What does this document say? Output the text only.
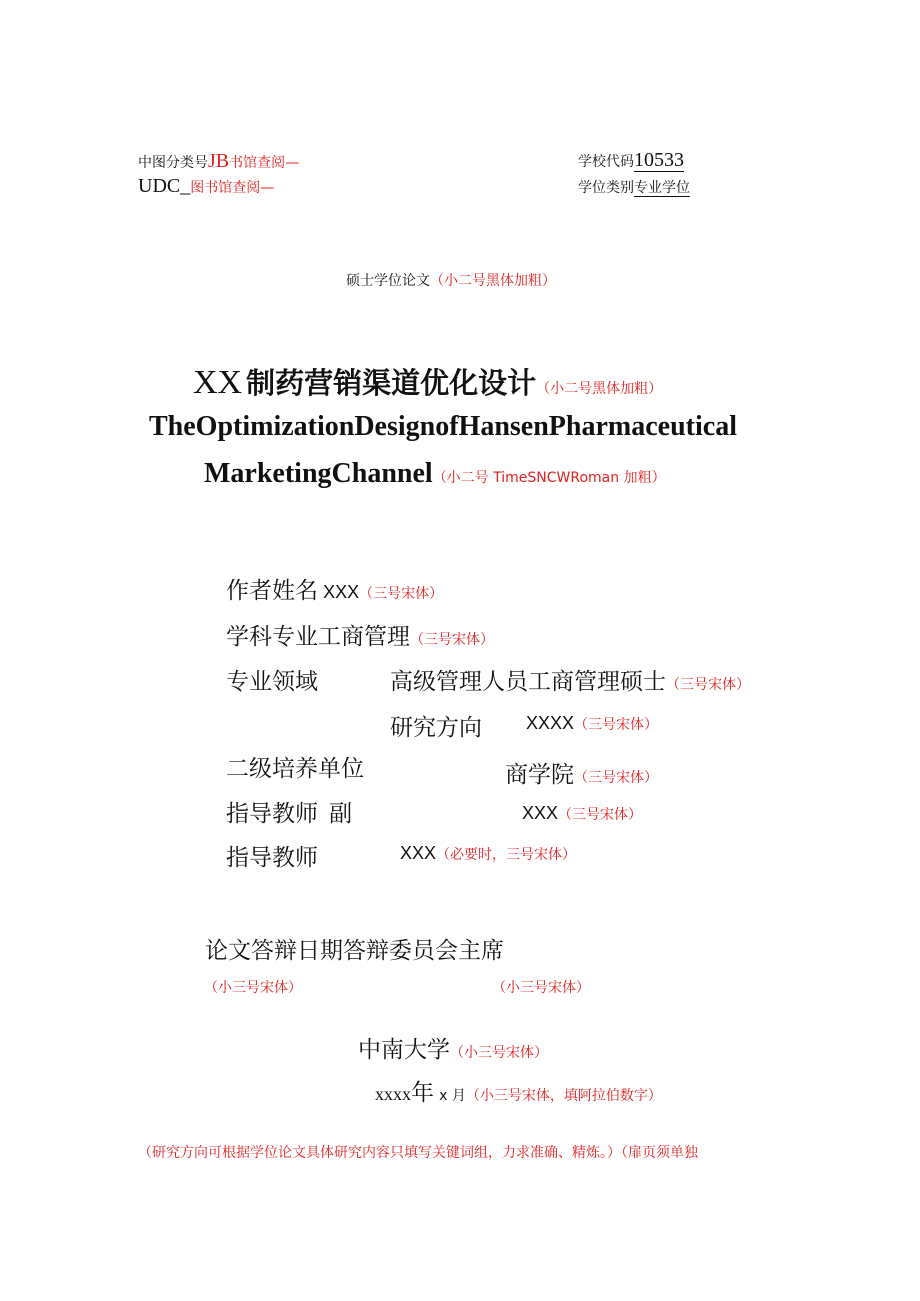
中图分类号JB书馆查阅—
UDC_图书馆查阅—
学校代码10533
学位类别专业学位
硕士学位论文（小二号黑体加粗）
XX 制药营销渠道优化设计（小二号黑体加粗）
TheOptimizationDesignofHansenPharmaceutical
MarketingChannel（小二号 TimeSNCWRoman 加粗）
作者姓名 XXX（三号宋体）
学科专业工商管理（三号宋体）
专业领域	高级管理人员工商管理硕士（三号宋体）
研究方向 XXXX（三号宋体）
二级培养单位	商学院（三号宋体）
指导教师 副	XXX（三号宋体）
指导教师	XXX（必要时，三号宋体）
论文答辩日期答辩委员会主席
（小三号宋体）	（小三号宋体）
中南大学（小三号宋体）
xxxx年 x 月（小三号宋体，填阿拉伯数字）
（研究方向可根据学位论文具体研究内容只填写关键词组，力求准确、精炼。）（扉页须单独
